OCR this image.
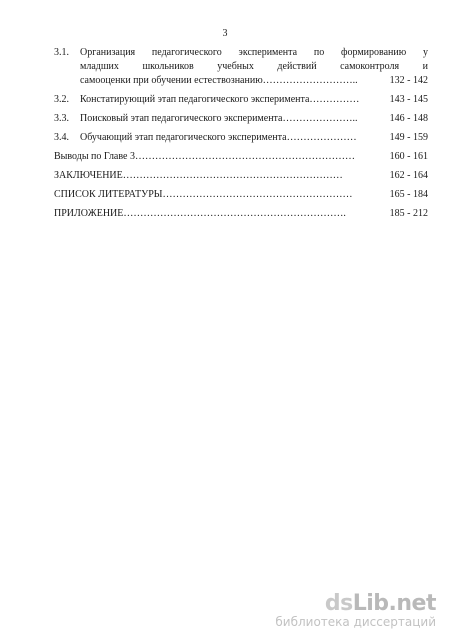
3
3.1.	Организация педагогического эксперимента по формированию у
младших школьников учебных действий самоконтроля и
самооценки при обучении естествознанию………………………..	132 - 142
3.2.	Констатирующий этап педагогического эксперимента……………	143 - 145
3.3.	Поисковый этап педагогического эксперимента…………………..	146 - 148
3.4.	Обучающий этап педагогического эксперимента…………………	149 - 159
Выводы по Главе 3…………………………………………………………	160 - 161
ЗАКЛЮЧЕНИЕ…………………………………………………………	162 - 164
СПИСОК ЛИТЕРАТУРЫ…………………………………………………	165 - 184
ПРИЛОЖЕНИЕ………………………………………………………….	185 - 212
dsLib.net
библиотека диссертаций
